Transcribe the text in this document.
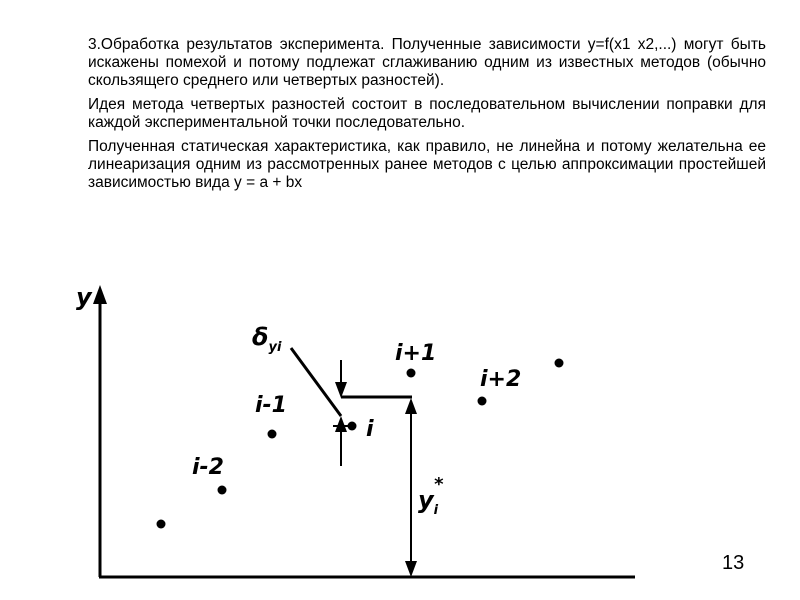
3.Обработка результатов эксперимента. Полученные зависимости y=f(x1 x2,...) могут быть искажены помехой и потому подлежат сглаживанию одним из известных методов (обычно скользящего среднего или четвертых разностей).

Идея метода четвертых разностей состоит в последовательном вычислении поправки для каждой экспериментальной точки последовательно.

Полученная статическая характеристика, как правило, не линейна и потому желательна ее линеаризация одним из рассмотренных ранее методов с целью аппроксимации простейшей зависимостью вида y = a + bx

y
i-2
i-1
i
i+1
i+2
$\delta_{yi}$
$y_i*$
13
